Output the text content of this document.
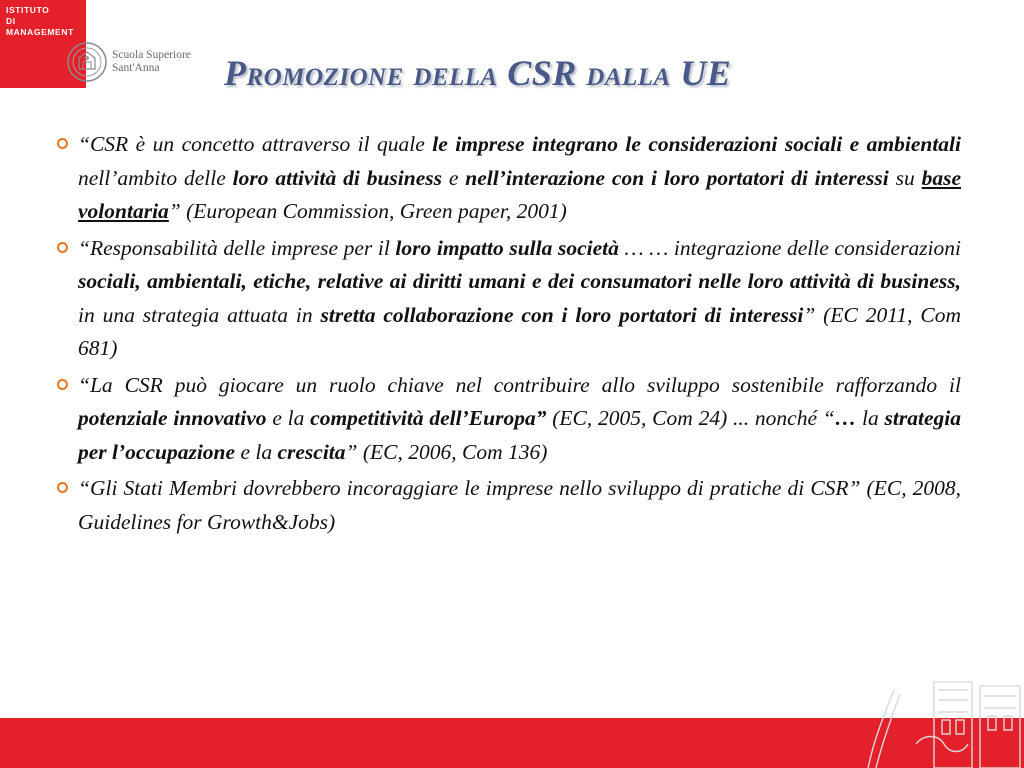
ISTITUTO
DI MANAGEMENT
Scuola Superiore
Sant'Anna	Promozione della CSR dalla UE

“CSR è un concetto attraverso il quale le imprese integrano le considerazioni sociali e ambientali nell’ambito delle loro attività di business e nell’interazione con i loro portatori di interessi su base volontaria” (European Commission, Green paper, 2001)

“Responsabilità delle imprese per il loro impatto sulla società … … integrazione delle considerazioni sociali, ambientali, etiche, relative ai diritti umani e dei consumatori nelle loro attività di business, in una strategia attuata in stretta collaborazione con i loro portatori di interessi” (EC 2011, Com 681)

“La CSR può giocare un ruolo chiave nel contribuire allo sviluppo sostenibile rafforzando il potenziale innovativo e la competitività dell’Europa” (EC, 2005, Com 24) ... nonché “… la strategia per l’occupazione e la crescita” (EC, 2006, Com 136)

“Gli Stati Membri dovrebbero incoraggiare le imprese nello sviluppo di pratiche di CSR” (EC, 2008, Guidelines for Growth&Jobs)
